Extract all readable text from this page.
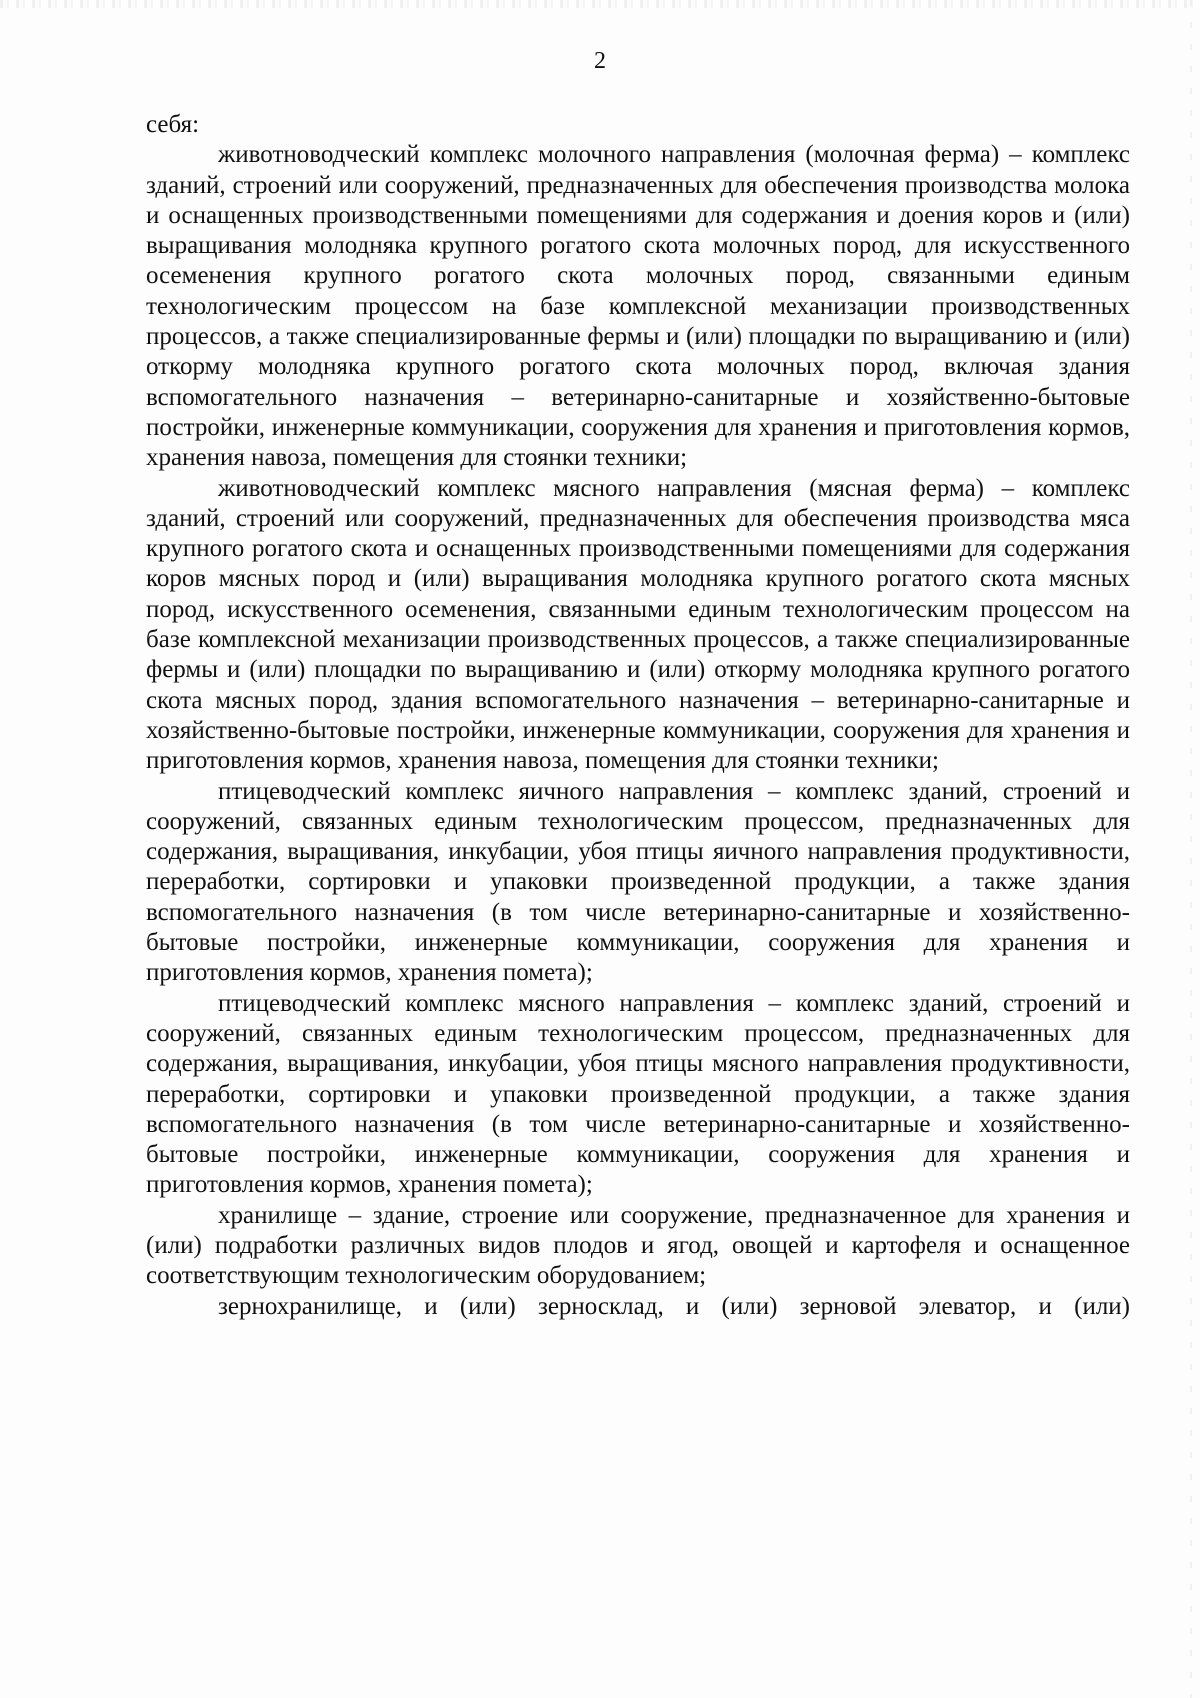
2

себя:

животноводческий комплекс молочного направления (молочная ферма) – комплекс зданий, строений или сооружений, предназначенных для обеспечения производства молока и оснащенных производственными помещениями для содержания и доения коров и (или) выращивания молодняка крупного рогатого скота молочных пород, для искусственного осеменения крупного рогатого скота молочных пород, связанными единым технологическим процессом на базе комплексной механизации производственных процессов, а также специализированные фермы и (или) площадки по выращиванию и (или) откорму молодняка крупного рогатого скота молочных пород, включая здания вспомогательного назначения – ветеринарно-санитарные и хозяйственно-бытовые постройки, инженерные коммуникации, сооружения для хранения и приготовления кормов, хранения навоза, помещения для стоянки техники;

животноводческий комплекс мясного направления (мясная ферма) – комплекс зданий, строений или сооружений, предназначенных для обеспечения производства мяса крупного рогатого скота и оснащенных производственными помещениями для содержания коров мясных пород и (или) выращивания молодняка крупного рогатого скота мясных пород, искусственного осеменения, связанными единым технологическим процессом на базе комплексной механизации производственных процессов, а также специализированные фермы и (или) площадки по выращиванию и (или) откорму молодняка крупного рогатого скота мясных пород, здания вспомогательного назначения – ветеринарно-санитарные и хозяйственно-бытовые постройки, инженерные коммуникации, сооружения для хранения и приготовления кормов, хранения навоза, помещения для стоянки техники;

птицеводческий комплекс яичного направления – комплекс зданий, строений и сооружений, связанных единым технологическим процессом, предназначенных для содержания, выращивания, инкубации, убоя птицы яичного направления продуктивности, переработки, сортировки и упаковки произведенной продукции, а также здания вспомогательного назначения (в том числе ветеринарно-санитарные и хозяйственно-бытовые постройки, инженерные коммуникации, сооружения для хранения и приготовления кормов, хранения помета);

птицеводческий комплекс мясного направления – комплекс зданий, строений и сооружений, связанных единым технологическим процессом, предназначенных для содержания, выращивания, инкубации, убоя птицы мясного направления продуктивности, переработки, сортировки и упаковки произведенной продукции, а также здания вспомогательного назначения (в том числе ветеринарно-санитарные и хозяйственно-бытовые постройки, инженерные коммуникации, сооружения для хранения и приготовления кормов, хранения помета);

хранилище – здание, строение или сооружение, предназначенное для хранения и (или) подработки различных видов плодов и ягод, овощей и картофеля и оснащенное соответствующим технологическим оборудованием;

зернохранилище, и (или) зерносклад, и (или) зерновой элеватор, и (или)
